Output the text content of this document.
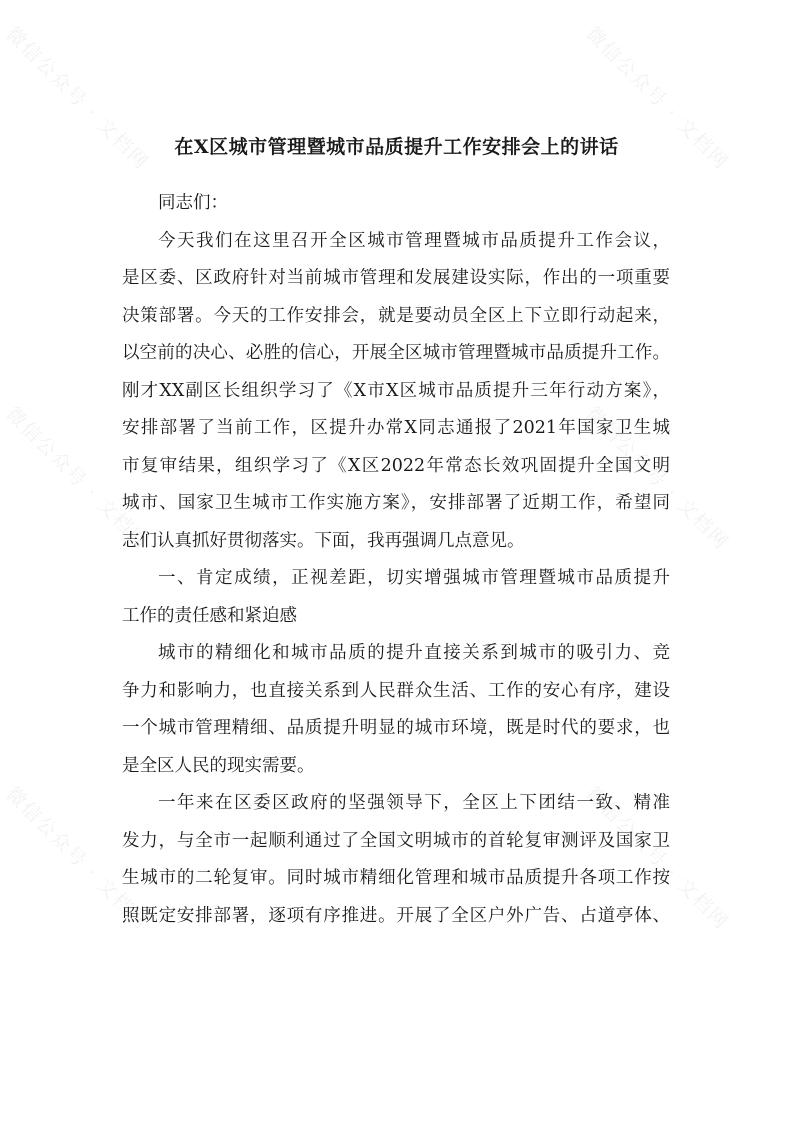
微信公众号 · 文档网	微信公众号 · 文档网
微信公众号 · 文档网	微信公众号 · 文档网
微信公众号 · 文档网	微信公众号 · 文档网
在X区城市管理暨城市品质提升工作安排会上的讲话
同志们：
今天我们在这里召开全区城市管理暨城市品质提升工作会议，
是区委、区政府针对当前城市管理和发展建设实际，作出的一项重要
决策部署。今天的工作安排会，就是要动员全区上下立即行动起来，
以空前的决心、必胜的信心，开展全区城市管理暨城市品质提升工作。
刚才XX副区长组织学习了《X市X区城市品质提升三年行动方案》，
安排部署了当前工作，区提升办常X同志通报了2021年国家卫生城
市复审结果，组织学习了《X区2022年常态长效巩固提升全国文明
城市、国家卫生城市工作实施方案》，安排部署了近期工作，希望同
志们认真抓好贯彻落实。下面，我再强调几点意见。
一、肯定成绩，正视差距，切实增强城市管理暨城市品质提升
工作的责任感和紧迫感
城市的精细化和城市品质的提升直接关系到城市的吸引力、竞
争力和影响力，也直接关系到人民群众生活、工作的安心有序，建设
一个城市管理精细、品质提升明显的城市环境，既是时代的要求，也
是全区人民的现实需要。
一年来在区委区政府的坚强领导下，全区上下团结一致、精准
发力，与全市一起顺利通过了全国文明城市的首轮复审测评及国家卫
生城市的二轮复审。同时城市精细化管理和城市品质提升各项工作按
照既定安排部署，逐项有序推进。开展了全区户外广告、占道亭体、
